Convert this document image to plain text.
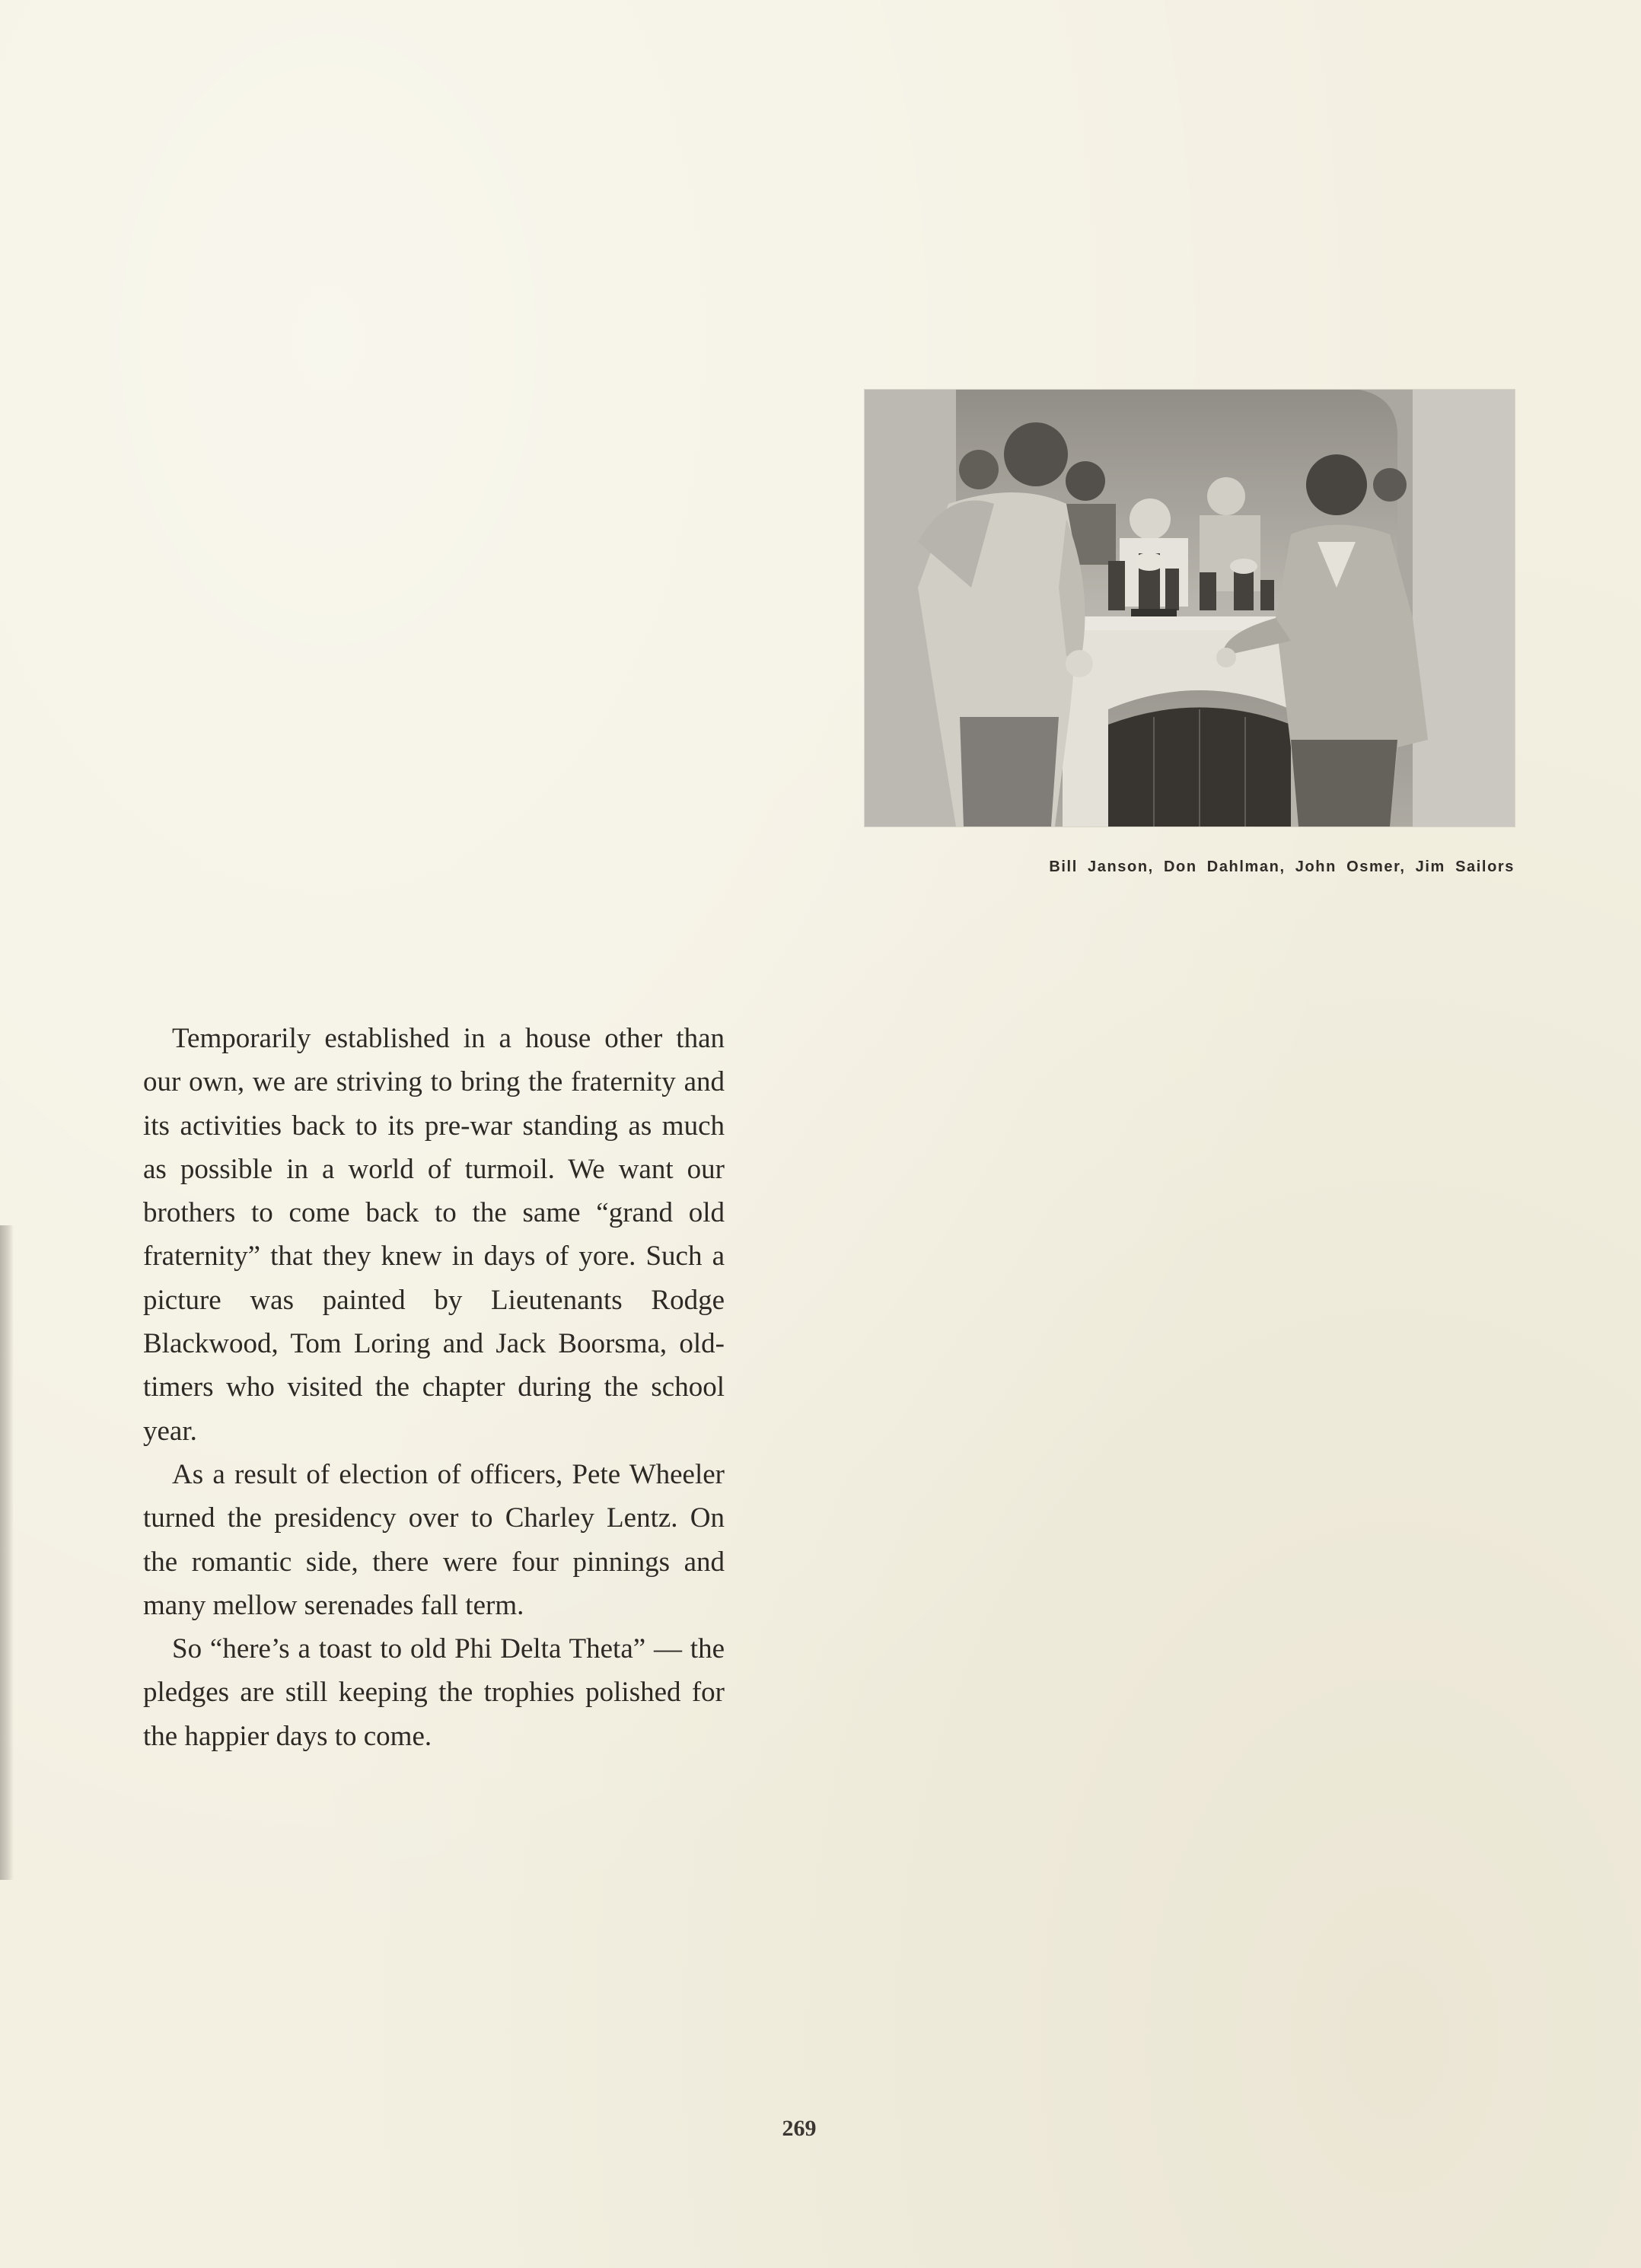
Bill Janson, Don Dahlman, John Osmer, Jim Sailors

Temporarily established in a house other than our own, we are striving to bring the fraternity and its activities back to its pre-war standing as much as possible in a world of turmoil. We want our brothers to come back to the same “grand old fraternity” that they knew in days of yore. Such a picture was painted by Lieutenants Rodge Blackwood, Tom Loring and Jack Boorsma, old-timers who visited the chapter during the school year.

As a result of election of officers, Pete Wheeler turned the presidency over to Charley Lentz. On the romantic side, there were four pinnings and many mellow serenades fall term.

So “here’s a toast to old Phi Delta Theta” — the pledges are still keeping the trophies polished for the happier days to come.

269
